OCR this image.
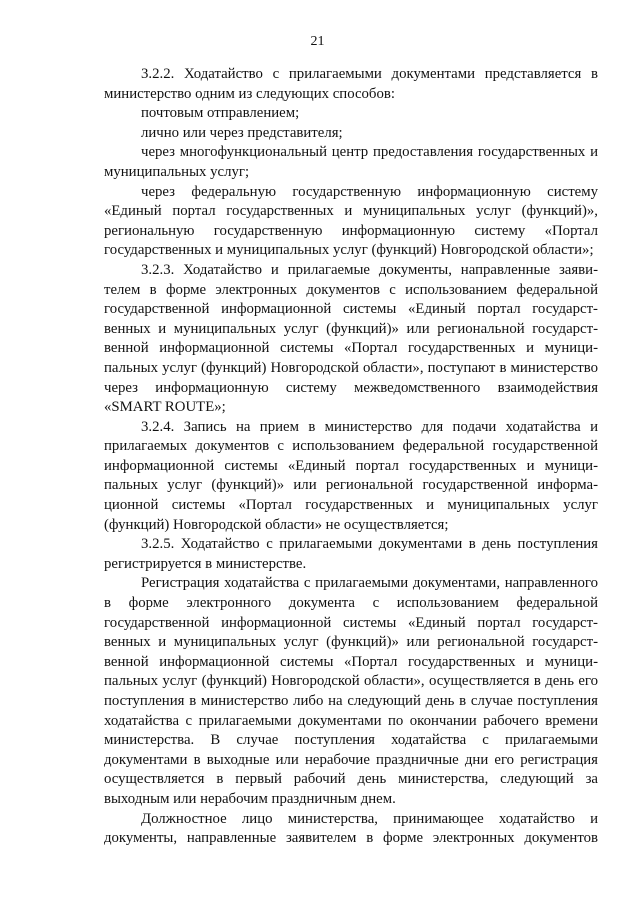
21
3.2.2. Ходатайство с прилагаемыми документами представляется в
министерство одним из следующих способов:
почтовым отправлением;
лично или через представителя;
через многофункциональный центр предоставления государственных и
муниципальных услуг;
через федеральную государственную информационную систему
«Единый портал государственных и муниципальных услуг (функций)»,
региональную государственную информационную систему «Портал
государственных и муниципальных услуг (функций) Новгородской области»;
3.2.3. Ходатайство и прилагаемые документы, направленные заяви-
телем в форме электронных документов с использованием федеральной
государственной информационной системы «Единый портал государст-
венных и муниципальных услуг (функций)» или региональной государст-
венной информационной системы «Портал государственных и муници-
пальных услуг (функций) Новгородской области», поступают в министерство
через информационную систему межведомственного взаимодействия
«SMART ROUTE»;
3.2.4. Запись на прием в министерство для подачи ходатайства и
прилагаемых документов с использованием федеральной государственной
информационной системы «Единый портал государственных и муници-
пальных услуг (функций)» или региональной государственной информа-
ционной системы «Портал государственных и муниципальных услуг
(функций) Новгородской области» не осуществляется;
3.2.5. Ходатайство с прилагаемыми документами в день поступления
регистрируется в министерстве.
Регистрация ходатайства с прилагаемыми документами, направленного
в форме электронного документа с использованием федеральной
государственной информационной системы «Единый портал государст-
венных и муниципальных услуг (функций)» или региональной государст-
венной информационной системы «Портал государственных и муници-
пальных услуг (функций) Новгородской области», осуществляется в день его
поступления в министерство либо на следующий день в случае поступления
ходатайства с прилагаемыми документами по окончании рабочего времени
министерства. В случае поступления ходатайства с прилагаемыми
документами в выходные или нерабочие праздничные дни его регистрация
осуществляется в первый рабочий день министерства, следующий за
выходным или нерабочим праздничным днем.
Должностное лицо министерства, принимающее ходатайство и
документы, направленные заявителем в форме электронных документов
